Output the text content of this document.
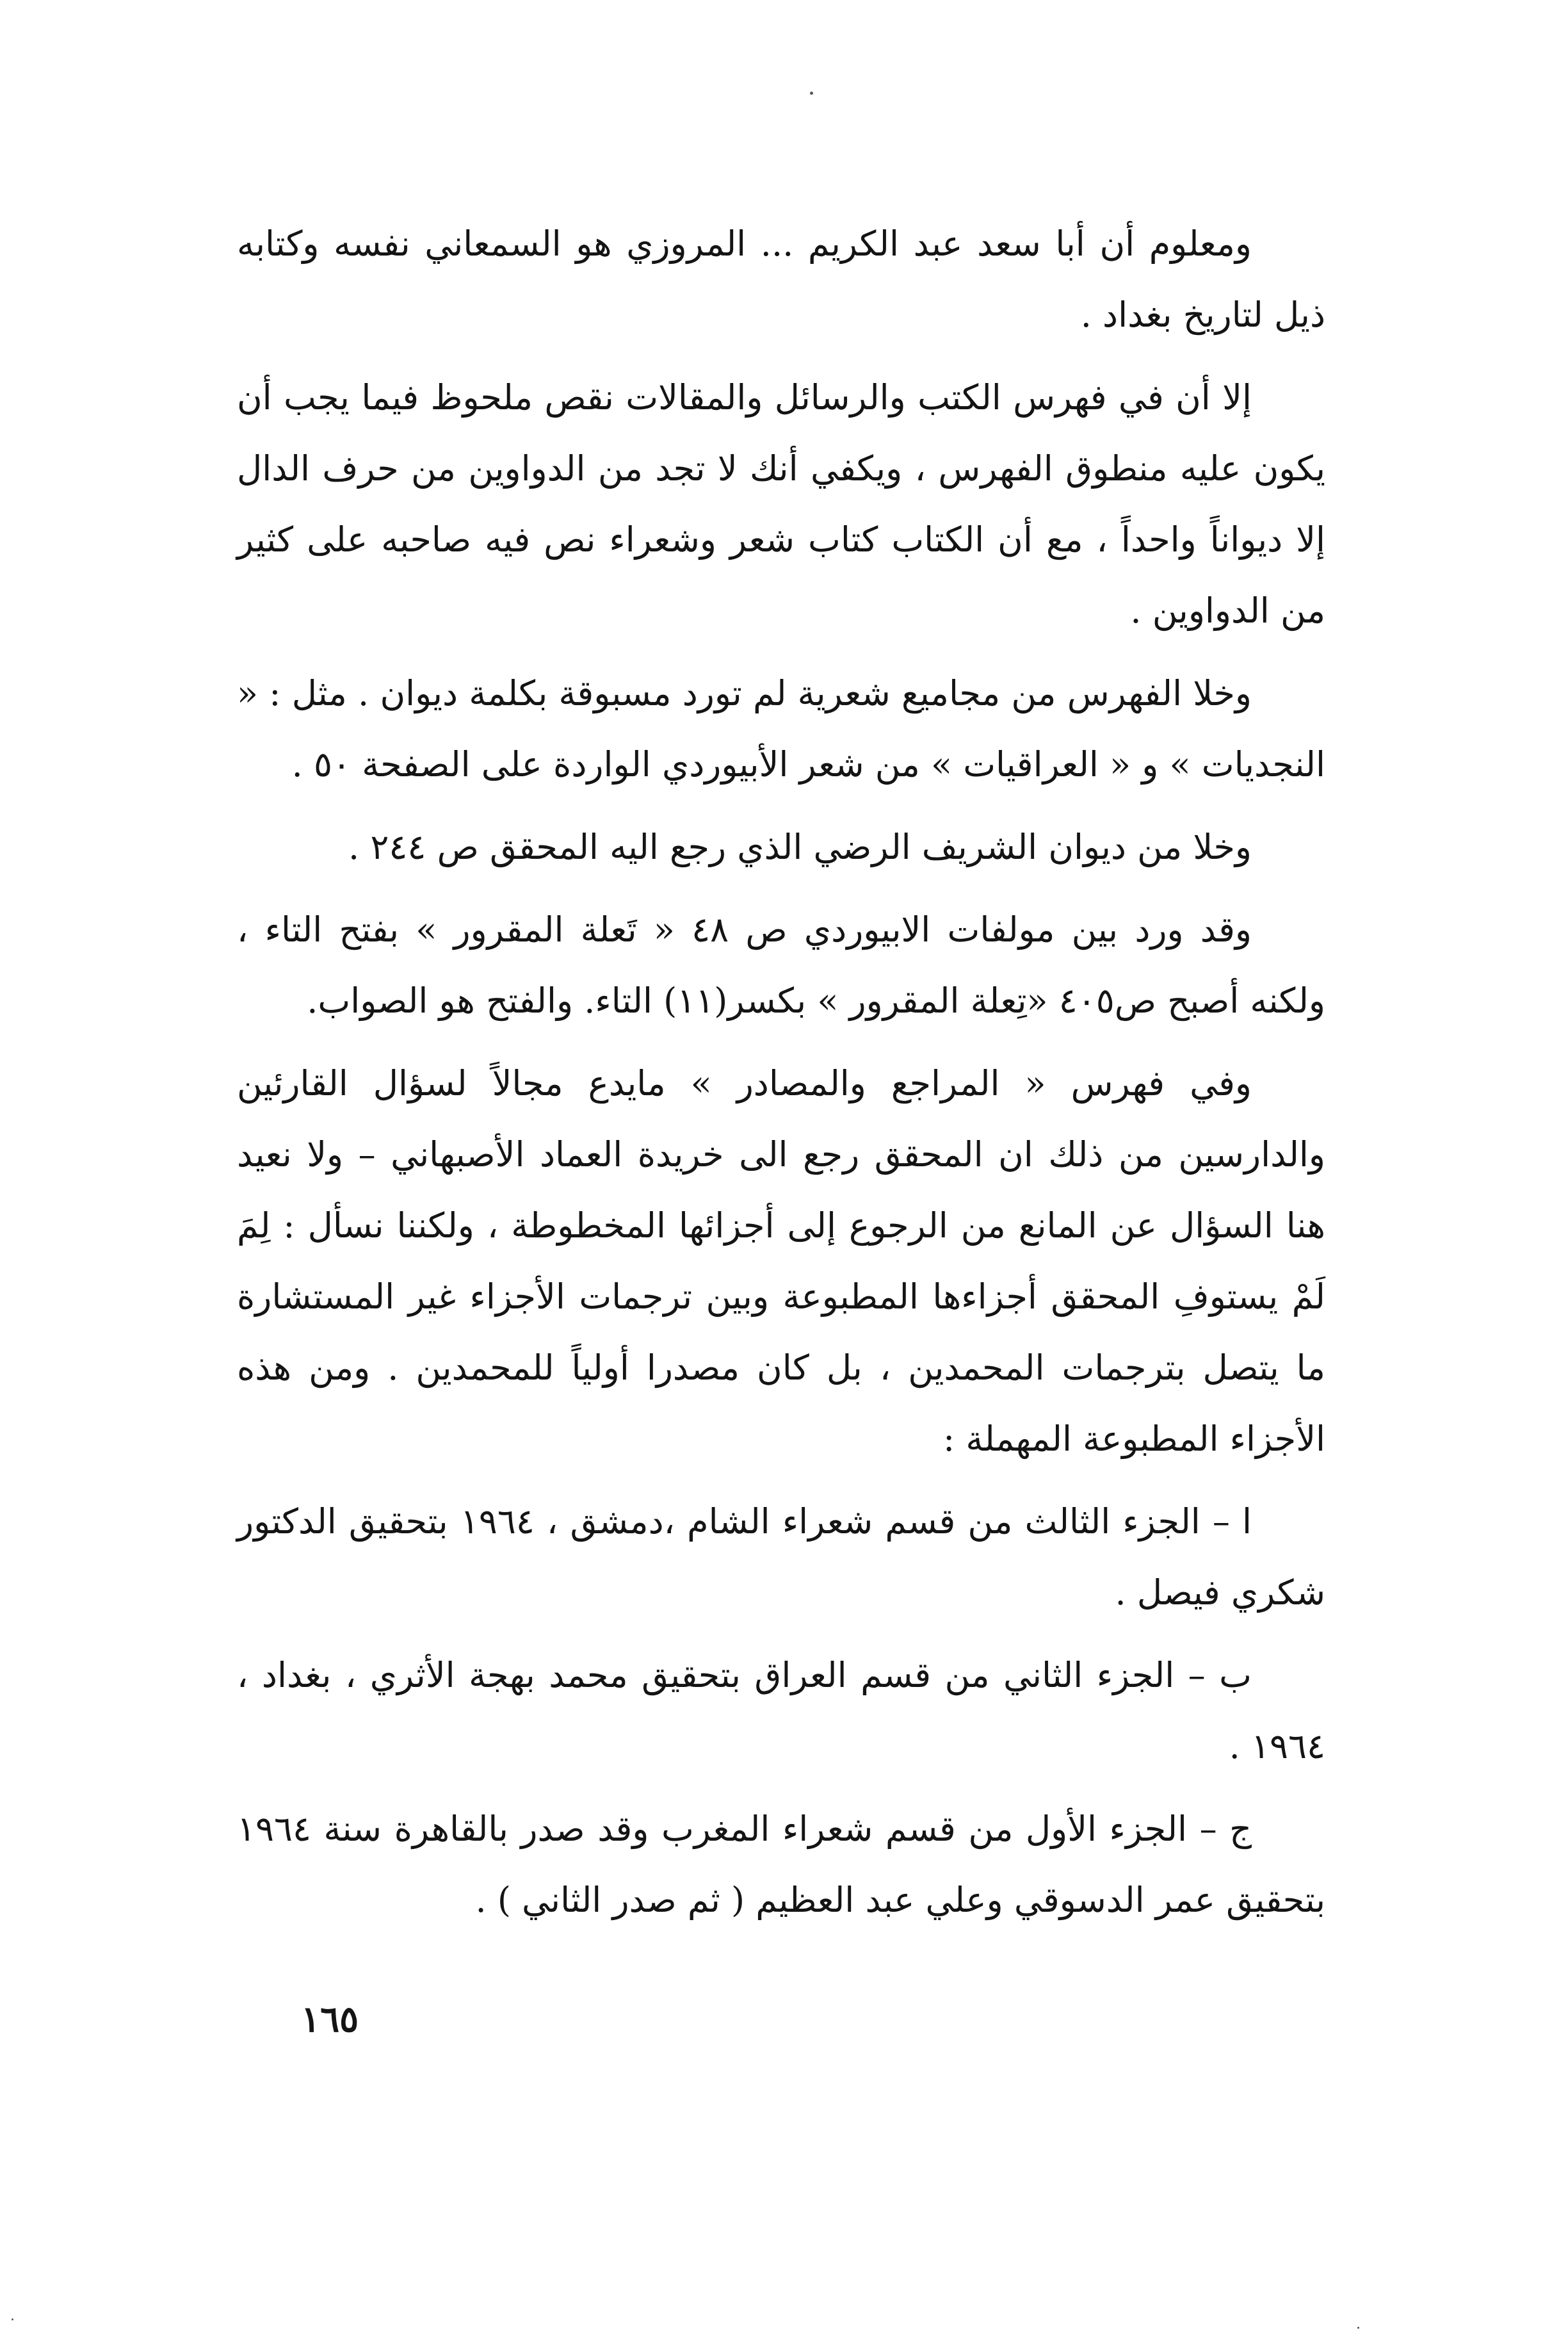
ومعلوم أن أبا سعد عبد الكريم ... المروزي هو السمعاني نفسه وكتابه ذيل لتاريخ بغداد .

إلا أن في فهرس الكتب والرسائل والمقالات نقص ملحوظ فيما يجب أن يكون عليه منطوق الفهرس ، ويكفي أنك لا تجد من الدواوين من حرف الدال إلا ديواناً واحداً ، مع أن الكتاب كتاب شعر وشعراء نص فيه صاحبه على كثير من الدواوين .

وخلا الفهرس من مجاميع شعرية لم تورد مسبوقة بكلمة ديوان . مثل : « النجديات » و « العراقيات » من شعر الأبيوردي الواردة على الصفحة ٥٠ .

وخلا من ديوان الشريف الرضي الذي رجع اليه المحقق ص ٢٤٤ .

وقد ورد بين مولفات الابيوردي ص ٤٨ « تَعلة المقرور » بفتح التاء ، ولكنه أصبح ص٤٠٥ «تِعلة المقرور » بكسر(١١) التاء. والفتح هو الصواب.

وفي فهرس « المراجع والمصادر » مايدع مجالاً لسؤال القارئين والدارسين من ذلك ان المحقق رجع الى خريدة العماد الأصبهاني – ولا نعيد هنا السؤال عن المانع من الرجوع إلى أجزائها المخطوطة ، ولكننا نسأل : لِمَ لَمْ يستوفِ المحقق أجزاءها المطبوعة وبين ترجمات الأجزاء غير المستشارة ما يتصل بترجمات المحمدين ، بل كان مصدرا أولياً للمحمدين . ومن هذه الأجزاء المطبوعة المهملة :

ا – الجزء الثالث من قسم شعراء الشام ،دمشق ، ١٩٦٤ بتحقيق الدكتور شكري فيصل .

ب – الجزء الثاني من قسم العراق بتحقيق محمد بهجة الأثري ، بغداد ، ١٩٦٤ .

ج – الجزء الأول من قسم شعراء المغرب وقد صدر بالقاهرة سنة ١٩٦٤ بتحقيق عمر الدسوقي وعلي عبد العظيم ( ثم صدر الثاني ) .

١٦٥
